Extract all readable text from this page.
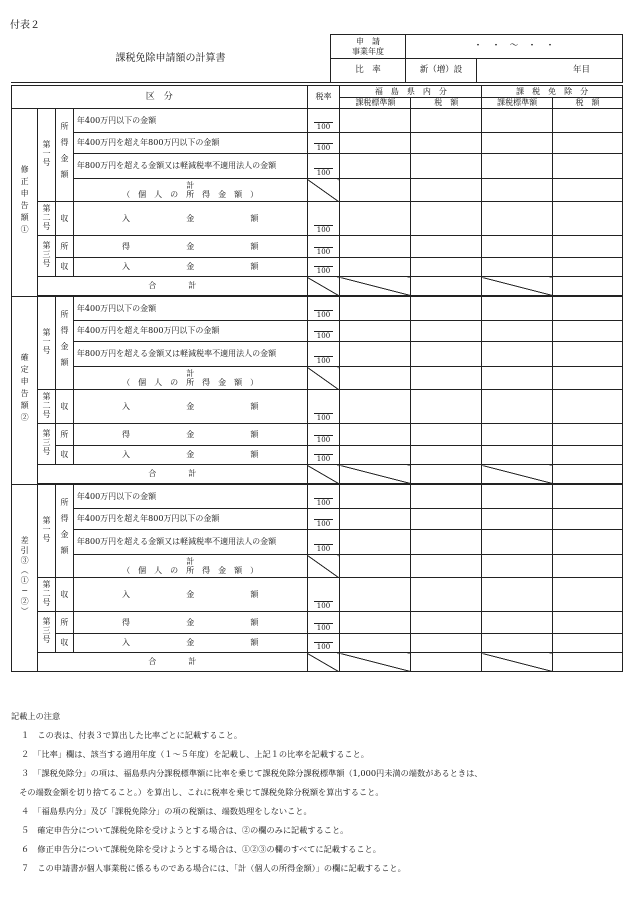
付表２
課税免除申請額の計算書	申　請
事業年度	・　・　〜　・　・	
	比　率	新（増）設	年目
区　分				税率	福　島　県　内　分		課　税　免　除　分	
					課税標準額	税　額	課税標準額	税　額
修正申告額①	第一号	所得金額	年400万円以下の金額	100				
			年400万円を超え年800万円以下の金額	100				
			年800万円を超える金額又は軽減税率不適用法人の金額	100				

			計
（　個　人　の　所　得　金　額　）					

	第二号	収	入 金 額	100				
	第三号	所	得 金 額	100				
		収	入 金 額	100				
	合　　　　計							

確定申告額②	第一号	所得金額	年400万円以下の金額	100				
			年400万円を超え年800万円以下の金額	100				
			年800万円を超える金額又は軽減税率不適用法人の金額	100				

			計
（　個　人　の　所　得　金　額　）					

	第二号	収	入 金 額	100				
	第三号	所	得 金 額	100				
		収	入 金 額	100				
	合　　　　計							

差引③（①−②）	第一号	所得金額	年400万円以下の金額	100				
			年400万円を超え年800万円以下の金額	100				
			年800万円を超える金額又は軽減税率不適用法人の金額	100				

			計
（　個　人　の　所　得　金　額　）					

	第二号	収	入 金 額	100				
	第三号	所	得 金 額	100				
		収	入 金 額	100				
	合　　　　計							

記載上の注意

１　この表は、付表３で算出した比率ごとに記載すること。

２　「比率」欄は、該当する適用年度（１〜５年度）を記載し、上記１の比率を記載すること。

３　「課税免除分」の項は、福島県内分課税標準額に比率を乗じて課税免除分課税標準額（1,000円未満の端数があるときは、

　その端数金額を切り捨てること。）を算出し、これに税率を乗じて課税免除分税額を算出すること。

４　「福島県内分」及び「課税免除分」の項の税額は、端数処理をしないこと。

５　確定申告分について課税免除を受けようとする場合は、②の欄のみに記載すること。

６　修正申告分について課税免除を受けようとする場合は、①②③の欄のすべてに記載すること。

７　この申請書が個人事業税に係るものである場合には、「計（個人の所得金額）」の欄に記載すること。
